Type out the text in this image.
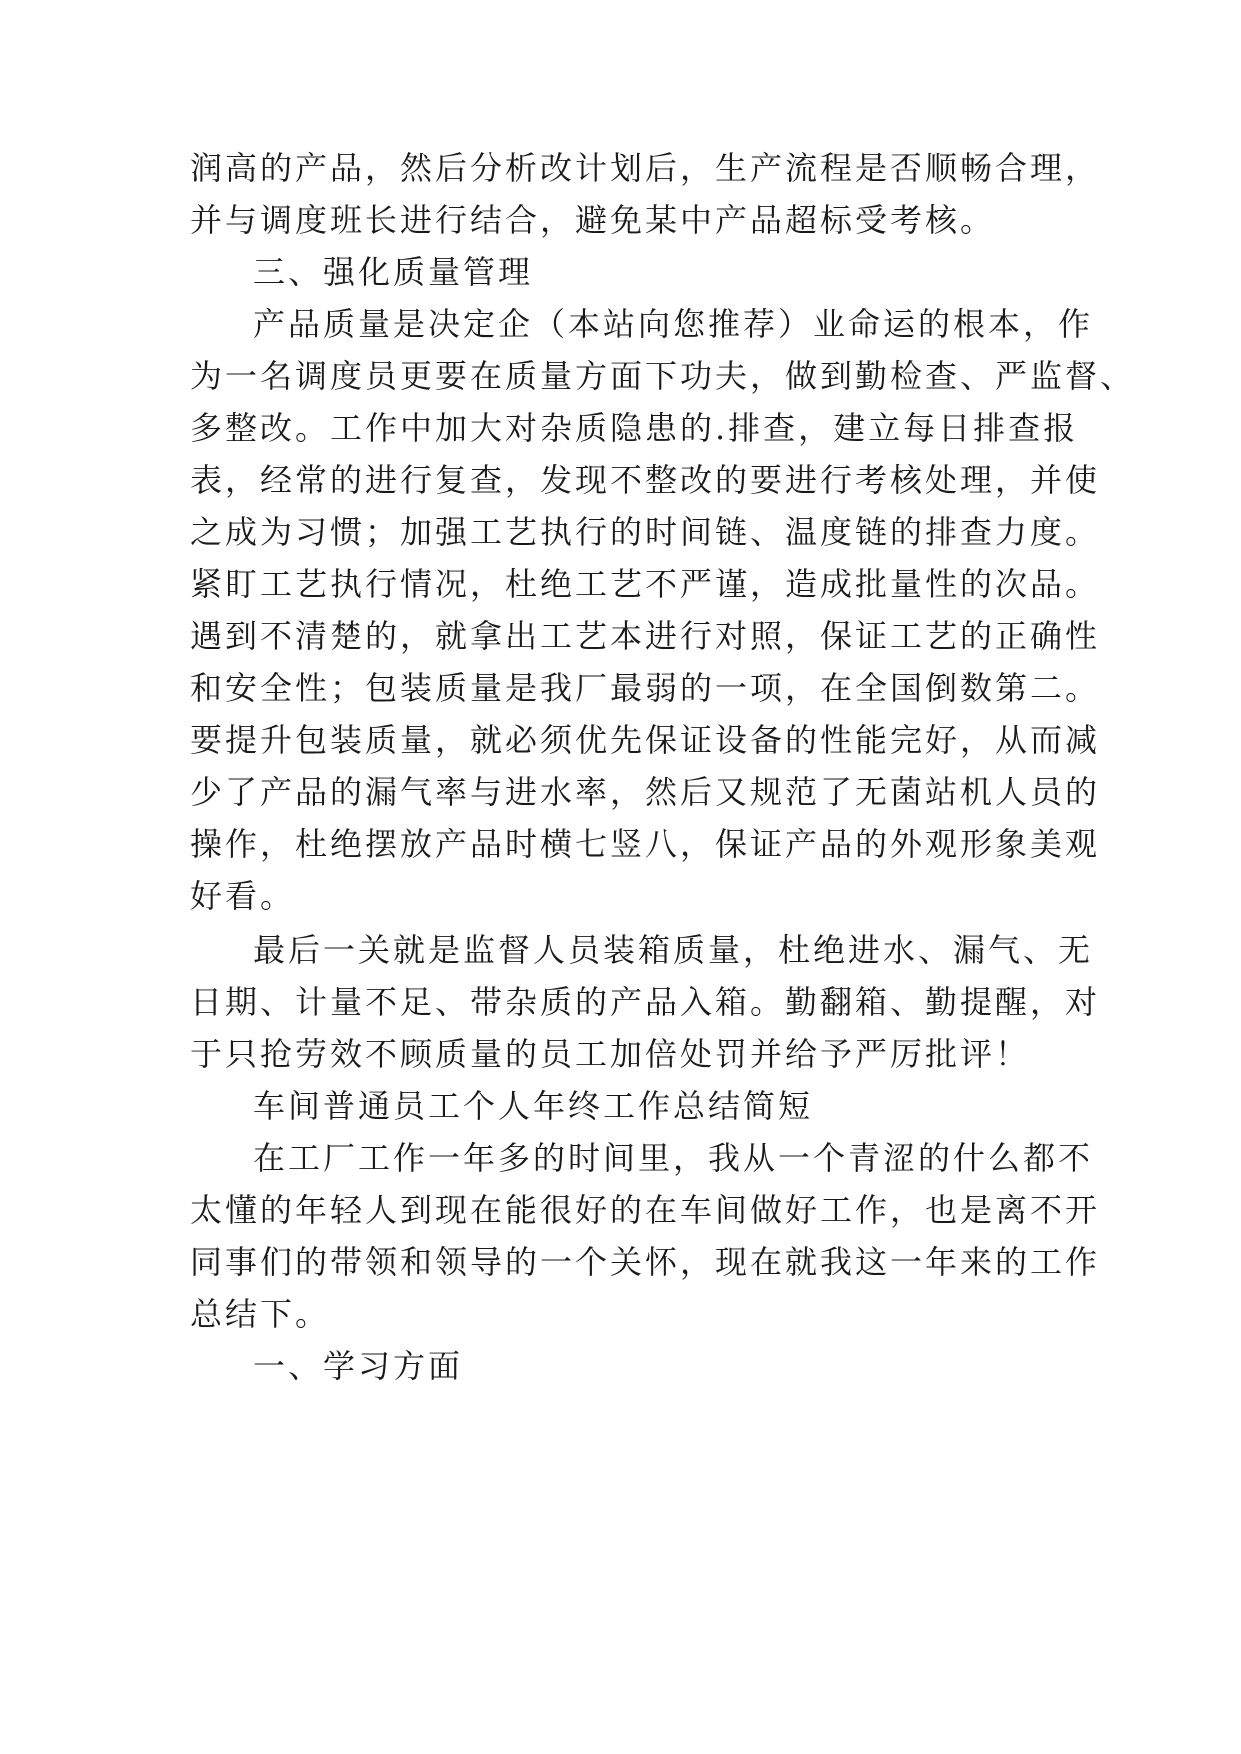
润高的产品，然后分析改计划后，生产流程是否顺畅合理，
并与调度班长进行结合，避免某中产品超标受考核。
三、强化质量管理
产品质量是决定企（本站向您推荐）业命运的根本，作
为一名调度员更要在质量方面下功夫，做到勤检查、严监督、
多整改。工作中加大对杂质隐患的.排查，建立每日排查报
表，经常的进行复查，发现不整改的要进行考核处理，并使
之成为习惯；加强工艺执行的时间链、温度链的排查力度。
紧盯工艺执行情况，杜绝工艺不严谨，造成批量性的次品。
遇到不清楚的，就拿出工艺本进行对照，保证工艺的正确性
和安全性；包装质量是我厂最弱的一项，在全国倒数第二。
要提升包装质量，就必须优先保证设备的性能完好，从而减
少了产品的漏气率与进水率，然后又规范了无菌站机人员的
操作，杜绝摆放产品时横七竖八，保证产品的外观形象美观
好看。
最后一关就是监督人员装箱质量，杜绝进水、漏气、无
日期、计量不足、带杂质的产品入箱。勤翻箱、勤提醒，对
于只抢劳效不顾质量的员工加倍处罚并给予严厉批评！
车间普通员工个人年终工作总结简短
在工厂工作一年多的时间里，我从一个青涩的什么都不
太懂的年轻人到现在能很好的在车间做好工作，也是离不开
同事们的带领和领导的一个关怀，现在就我这一年来的工作
总结下。
一、学习方面
